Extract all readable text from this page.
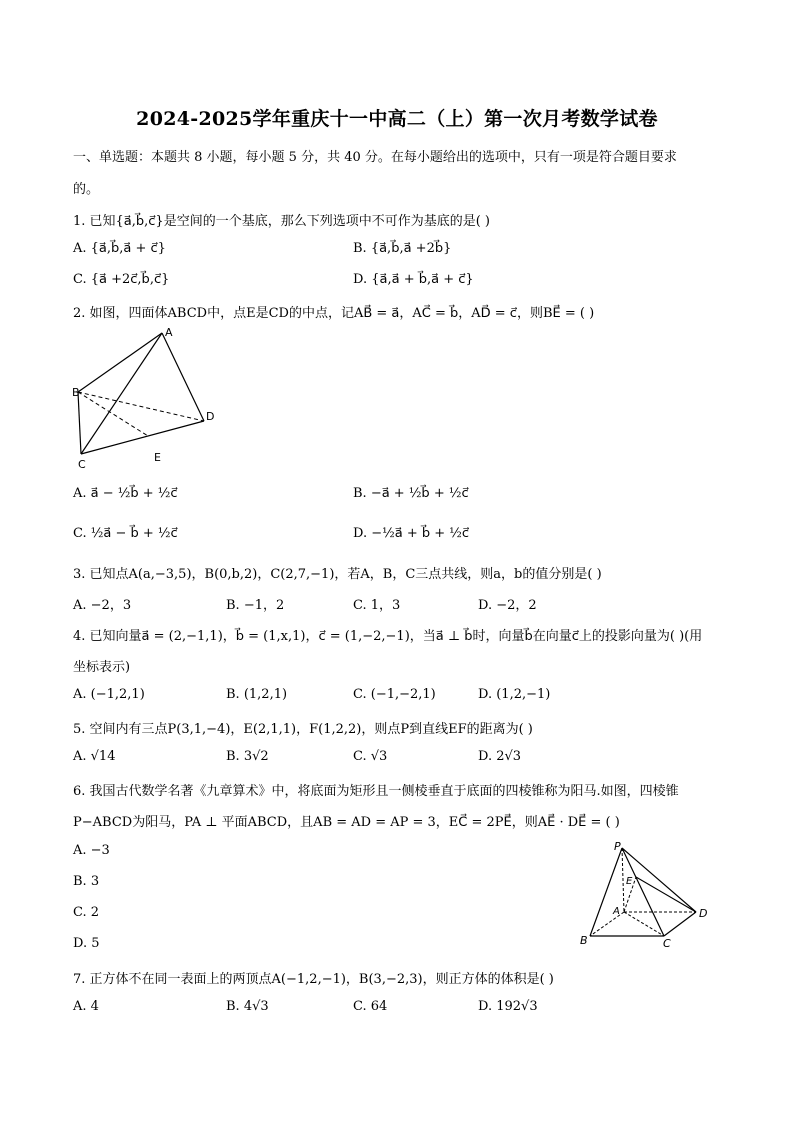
2024-2025学年重庆十一中高二（上）第一次月考数学试卷
一、单选题：本题共 8 小题，每小题 5 分，共 40 分。在每小题给出的选项中，只有一项是符合题目要求
的。
1. 已知{a⃗,b⃗,c⃗}是空间的一个基底，那么下列选项中不可作为基底的是( )
A. {a⃗,b⃗,a⃗ + c⃗}	B. {a⃗,b⃗,a⃗ +2b⃗}
C. {a⃗ +2c⃗,b⃗,c⃗}	D. {a⃗,a⃗ + b⃗,a⃗ + c⃗}
2. 如图，四面体ABCD中，点E是CD的中点，记AB⃗ = a⃗，AC⃗ = b⃗，AD⃗ = c⃗，则BE⃗ = ( )
A
B
C
D
E
A. a⃗ − ½b⃗ + ½c⃗	B. −a⃗ + ½b⃗ + ½c⃗
C. ½a⃗ − b⃗ + ½c⃗	D. −½a⃗ + b⃗ + ½c⃗
3. 已知点A(a,−3,5)，B(0,b,2)，C(2,7,−1)，若A，B，C三点共线，则a，b的值分别是( )
A. −2，3	B. −1，2	C. 1，3	D. −2，2
4. 已知向量a⃗ = (2,−1,1)，b⃗ = (1,x,1)，c⃗ = (1,−2,−1)，当a⃗ ⊥ b⃗时，向量b⃗在向量c⃗上的投影向量为( )(用
坐标表示)
A. (−1,2,1)	B. (1,2,1)	C. (−1,−2,1)	D. (1,2,−1)
5. 空间内有三点P(3,1,−4)，E(2,1,1)，F(1,2,2)，则点P到直线EF的距离为( )
A. √14	B. 3√2	C. √3	D. 2√3
6. 我国古代数学名著《九章算术》中，将底面为矩形且一侧棱垂直于底面的四棱锥称为阳马.如图，四棱锥
P−ABCD为阳马，PA ⊥ 平面ABCD，且AB = AD = AP = 3，EC⃗ = 2PE⃗，则AE⃗ · DE⃗ = ( )
A. −3
B. 3
C. 2
D. 5
P
E
A
B	C
D
7. 正方体不在同一表面上的两顶点A(−1,2,−1)，B(3,−2,3)，则正方体的体积是( )
A. 4	B. 4√3	C. 64	D. 192√3
